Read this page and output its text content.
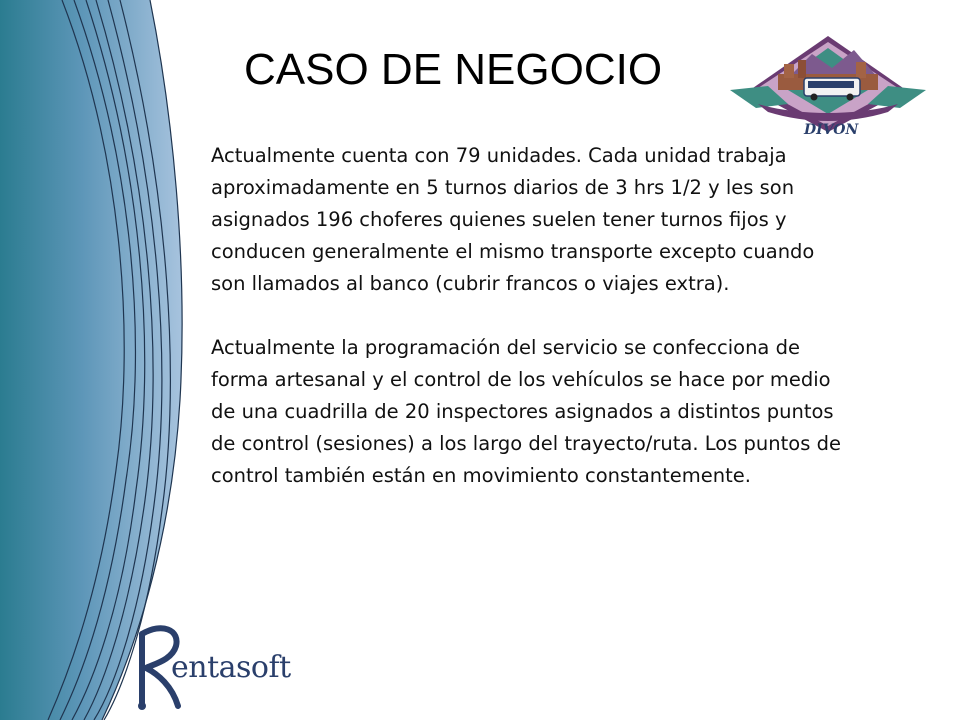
CASO DE NEGOCIO
DIVON

Actualmente cuenta con 79 unidades. Cada unidad trabaja aproximadamente en 5 turnos diarios de 3 hrs 1/2 y les son asignados 196 choferes quienes suelen tener turnos fijos y conducen generalmente el mismo transporte excepto cuando son llamados al banco (cubrir francos o viajes extra).

Actualmente la programación del servicio se confecciona de forma artesanal y el control de los vehículos se hace por medio de una cuadrilla de 20 inspectores asignados a distintos puntos de control (sesiones) a los largo del trayecto/ruta. Los puntos de control también están en movimiento constantemente.

entasoft
